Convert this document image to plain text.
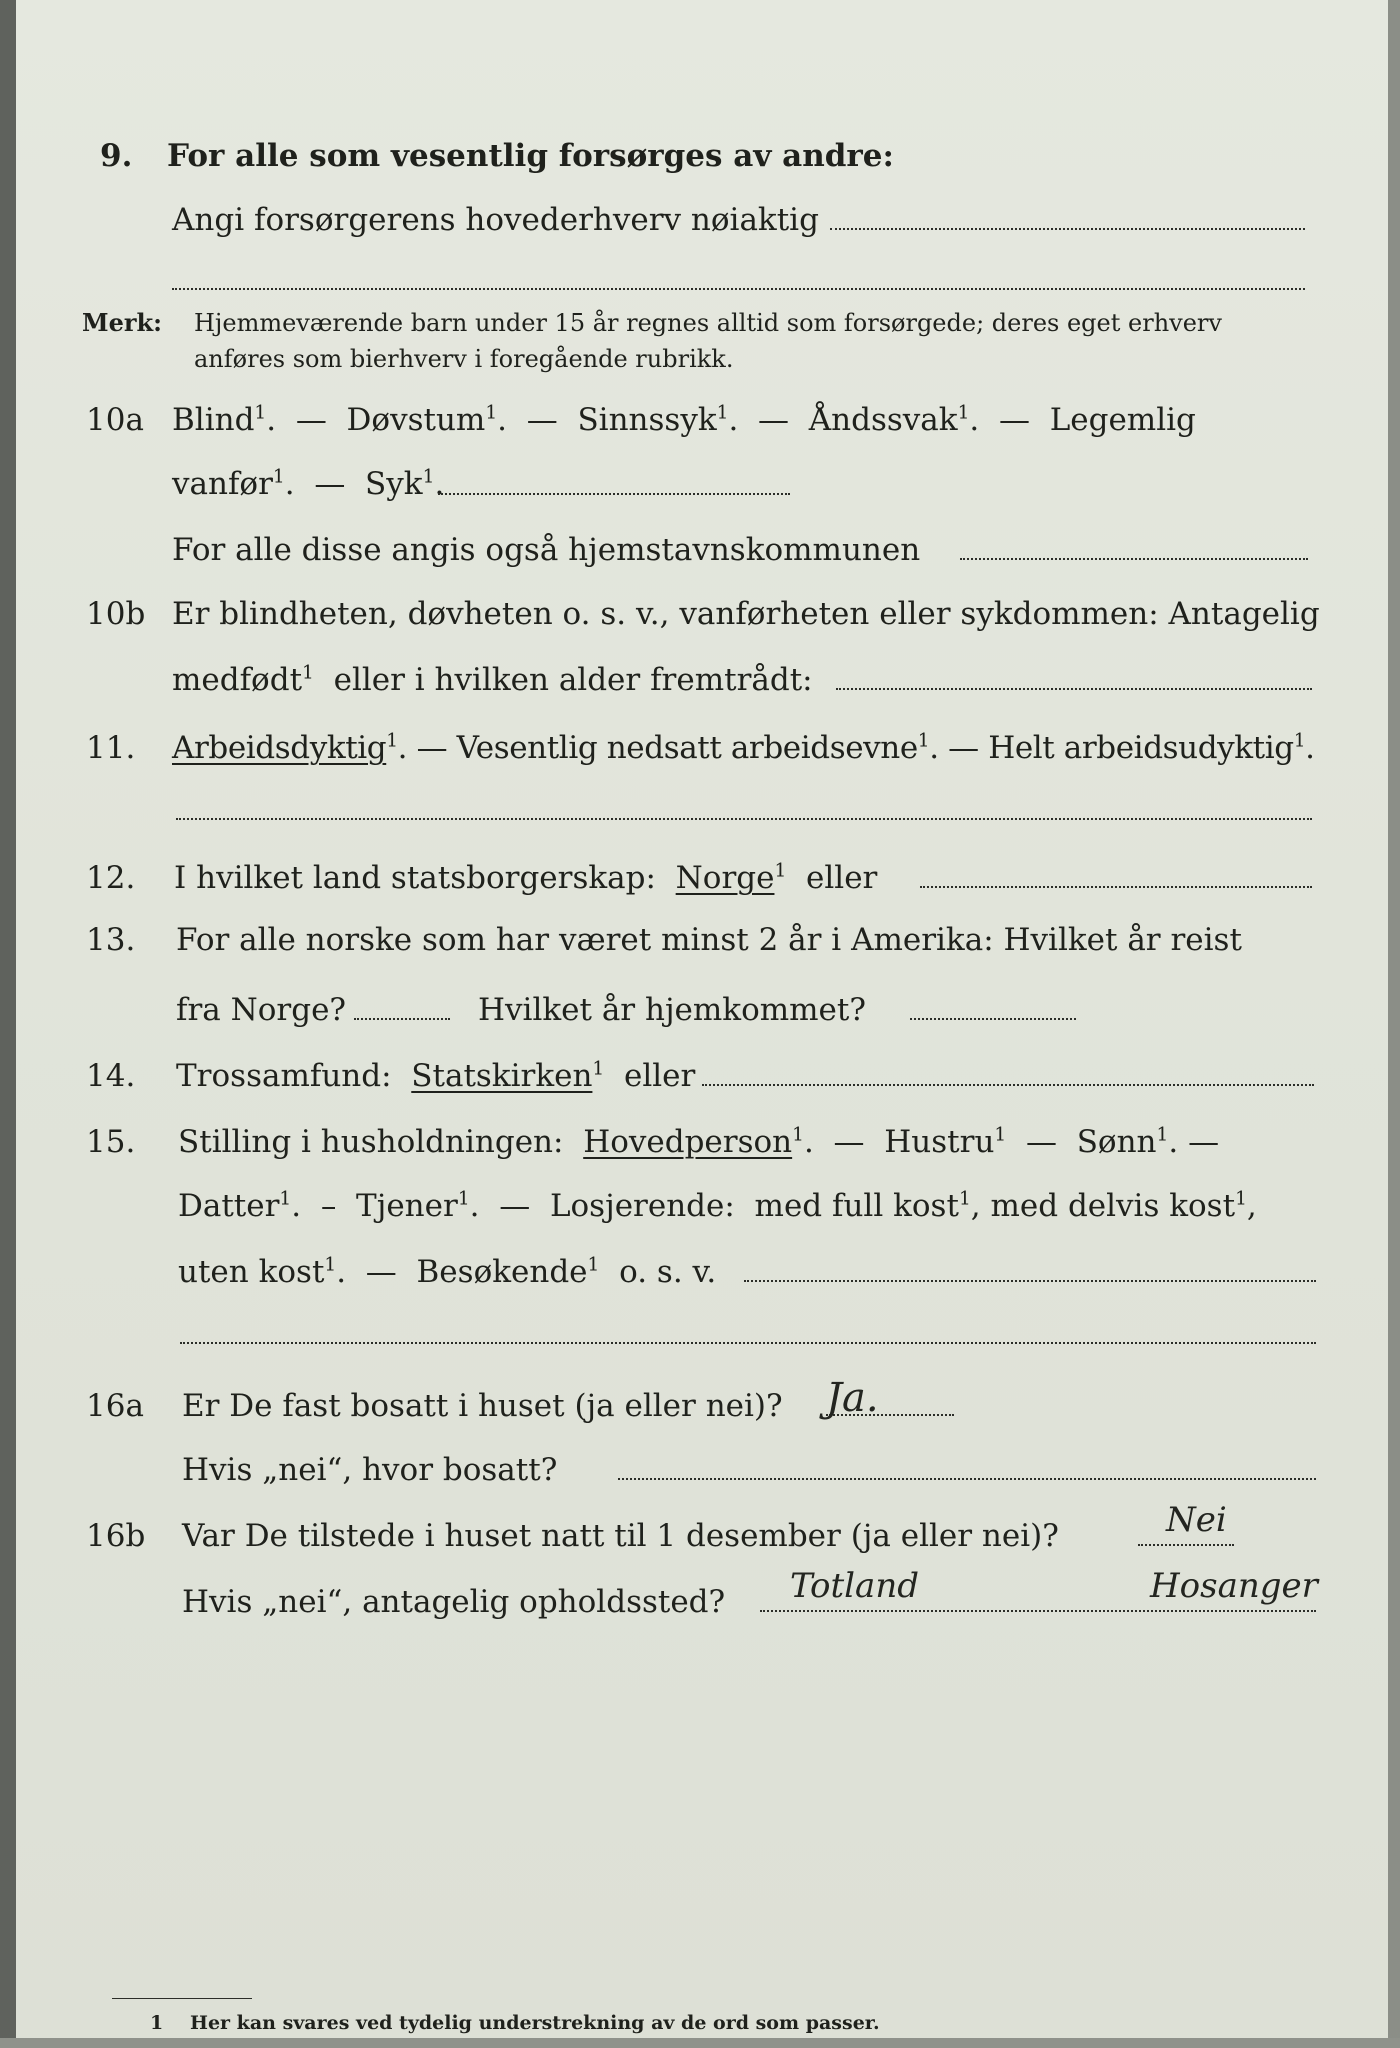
9. For alle som vesentlig forsørges av andre:
Angi forsørgerens hovederhverv nøiaktig
Merk: Hjemmeværende barn under 15 år regnes alltid som forsørgede; deres eget erhverv
anføres som bierhverv i foregående rubrikk.
10a Blind$^1$.  —  Døvstum$^1$.  —  Sinnssyk$^1$.  —  Åndssvak$^1$.  —  Legemlig
vanfør$^1$.  —  Syk$^1$.
For alle disse angis også hjemstavnskommunen
10b Er blindheten, døvheten o. s. v., vanførheten eller sykdommen: Antagelig
medfødt$^1$ eller i hvilken alder fremtrådt:
11. Arbeidsdyktig$^1$. — Vesentlig nedsatt arbeidsevne$^1$. — Helt arbeidsudyktig$^1$.
12. I hvilket land statsborgerskap: Norge$^1$ eller
13. For alle norske som har været minst 2 år i Amerika: Hvilket år reist
fra Norge?	Hvilket år hjemkommet?
14. Trossamfund: Statskirken$^1$ eller
15. Stilling i husholdningen: Hovedperson$^1$.  —  Hustru$^1$  —  Sønn$^1$. —
Datter$^1$.  –  Tjener$^1$.  —  Losjerende: med full kost$^1$, med delvis kost$^1$,
uten kost$^1$.  —  Besøkende$^1$ o. s. v.
16a Er De fast bosatt i huset (ja eller nei)? Ja.
Hvis „nei“, hvor bosatt?
16b Var De tilstede i huset natt til 1 desember (ja eller nei)?	Nei
Hvis „nei“, antagelig opholdssted? Totland	Hosanger
1 Her kan svares ved tydelig understrekning av de ord som passer.
